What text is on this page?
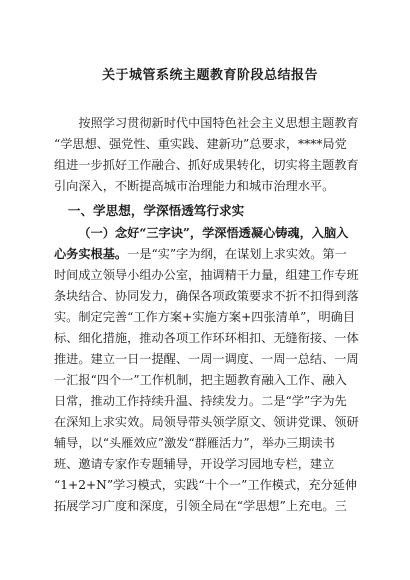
关于城管系统主题教育阶段总结报告
按照学习贯彻新时代中国特色社会主义思想主题教育
“学思想、强党性、重实践、建新功”总要求，****局党
组进一步抓好工作融合、抓好成果转化，切实将主题教育
引向深入，不断提高城市治理能力和城市治理水平。
一、学思想，学深悟透笃行求实
（一）念好“三字诀”，学深悟透凝心铸魂，入脑入
心务实根基。一是“实”字为纲，在谋划上求实效。第一
时间成立领导小组办公室，抽调精干力量，组建工作专班
条块结合、协同发力，确保各项政策要求不折不扣得到落
实。制定完善“工作方案+实施方案+四张清单”，明确目
标、细化措施，推动各项工作环环相扣、无缝衔接、一体
推进。建立一日一提醒、一周一调度、一周一总结、一周
一汇报“四个一”工作机制，把主题教育融入工作、融入
日常，推动工作持续升温、持续发力。二是“学”字为先
在深知上求实效。局领导带头领学原文、领讲党课、领研
辅导，以“头雁效应”激发“群雁活力”，举办三期读书
班、邀请专家作专题辅导，开设学习园地专栏，建立
“1+2+N”学习模式，实践“十个一”工作模式，充分延伸
拓展学习广度和深度，引领全局在“学思想”上充电。三
